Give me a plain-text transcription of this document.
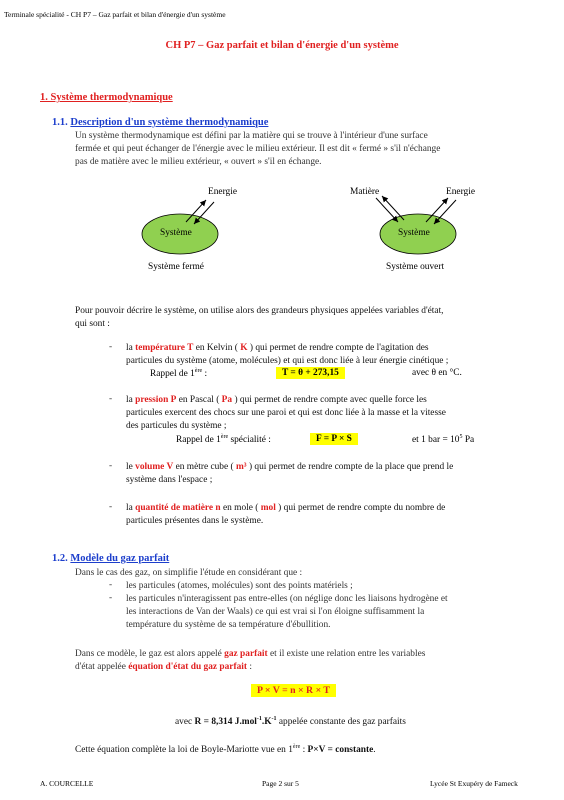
Terminale spécialité - CH P7 – Gaz parfait et bilan d'énergie d'un système
CH P7 – Gaz parfait et bilan d'énergie d'un système
1. Système thermodynamique
1.1. Description d'un système thermodynamique
Un système thermodynamique est défini par la matière qui se trouve à l'intérieur d'une surface
fermée et qui peut échanger de l'énergie avec le milieu extérieur. Il est dit « fermé » s'il n'échange
pas de matière avec le milieu extérieur, « ouvert » s'il en échange.
Energie
Système
Système fermé
Matière	Energie
Système
Système ouvert
Pour pouvoir décrire le système, on utilise alors des grandeurs physiques appelées variables d'état,
qui sont :
- la température T en Kelvin ( K ) qui permet de rendre compte de l'agitation des
particules du système (atome, molécules) et qui est donc liée à leur énergie cinétique ;
Rappel de 1ère :	T = θ + 273,15	avec θ en °C.
- la pression P en Pascal ( Pa ) qui permet de rendre compte avec quelle force les
particules exercent des chocs sur une paroi et qui est donc liée à la masse et la vitesse
des particules du système ;
Rappel de 1ère spécialité :	F = P × S	et 1 bar = $10^5$ Pa
- le volume V en mètre cube ( m³ ) qui permet de rendre compte de la place que prend le
système dans l'espace ;
- la quantité de matière n en mole ( mol ) qui permet de rendre compte du nombre de
particules présentes dans le système.
1.2. Modèle du gaz parfait
Dans le cas des gaz, on simplifie l'étude en considérant que :
- les particules (atomes, molécules) sont des points matériels ;
- les particules n'interagissent pas entre-elles (on néglige donc les liaisons hydrogène et
les interactions de Van der Waals) ce qui est vrai si l'on éloigne suffisamment la
température du système de sa température d'ébullition.
Dans ce modèle, le gaz est alors appelé gaz parfait et il existe une relation entre les variables
d'état appelée équation d'état du gaz parfait :
P × V = n × R × T
avec R = 8,314 $J.mol^{-1}.K^{-1}$ appelée constante des gaz parfaits
Cette équation complète la loi de Boyle-Mariotte vue en 1ère : P×V = constante.
A. COURCELLE	Page 2 sur 5	Lycée St Exupéry de Fameck
